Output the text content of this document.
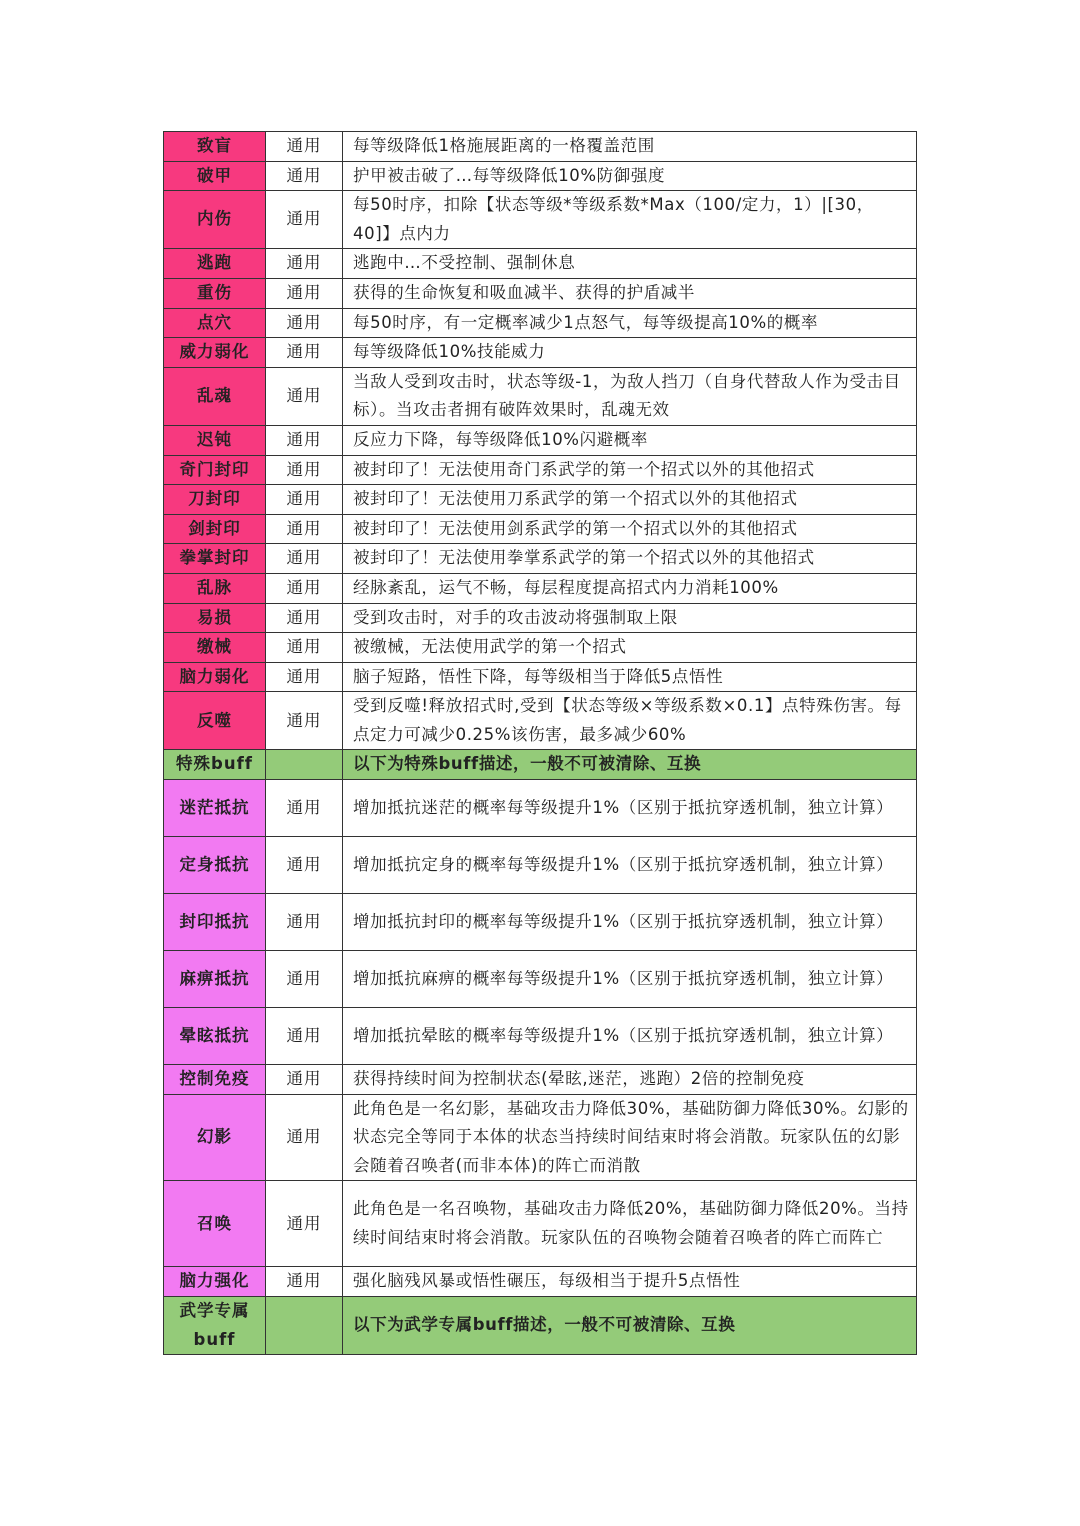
致盲	通用	每等级降低1格施展距离的一格覆盖范围
破甲	通用	护甲被击破了…每等级降低10%防御强度
内伤	通用	每50时序，扣除【状态等级*等级系数*Max（100/定力，1）|[30，40]】点内力
逃跑	通用	逃跑中…不受控制、强制休息
重伤	通用	获得的生命恢复和吸血减半、获得的护盾减半
点穴	通用	每50时序，有一定概率减少1点怒气，每等级提高10%的概率
威力弱化	通用	每等级降低10%技能威力
乱魂	通用	当敌人受到攻击时，状态等级-1，为敌人挡刀（自身代替敌人作为受击目标）。当攻击者拥有破阵效果时，乱魂无效
迟钝	通用	反应力下降，每等级降低10%闪避概率
奇门封印	通用	被封印了！无法使用奇门系武学的第一个招式以外的其他招式
刀封印	通用	被封印了！无法使用刀系武学的第一个招式以外的其他招式
剑封印	通用	被封印了！无法使用剑系武学的第一个招式以外的其他招式
拳掌封印	通用	被封印了！无法使用拳掌系武学的第一个招式以外的其他招式
乱脉	通用	经脉紊乱，运气不畅，每层程度提高招式内力消耗100%
易损	通用	受到攻击时，对手的攻击波动将强制取上限
缴械	通用	被缴械，无法使用武学的第一个招式
脑力弱化	通用	脑子短路，悟性下降，每等级相当于降低5点悟性
反噬	通用	受到反噬!释放招式时,受到【状态等级×等级系数×0.1】点特殊伤害。每点定力可减少0.25%该伤害，最多减少60%
特殊buff		以下为特殊buff描述，一般不可被清除、互换
迷茫抵抗	通用	增加抵抗迷茫的概率每等级提升1%（区别于抵抗穿透机制，独立计算）
定身抵抗	通用	增加抵抗定身的概率每等级提升1%（区别于抵抗穿透机制，独立计算）
封印抵抗	通用	增加抵抗封印的概率每等级提升1%（区别于抵抗穿透机制，独立计算）
麻痹抵抗	通用	增加抵抗麻痹的概率每等级提升1%（区别于抵抗穿透机制，独立计算）
晕眩抵抗	通用	增加抵抗晕眩的概率每等级提升1%（区别于抵抗穿透机制，独立计算）
控制免疫	通用	获得持续时间为控制状态(晕眩,迷茫，逃跑）2倍的控制免疫
幻影	通用	此角色是一名幻影，基础攻击力降低30%，基础防御力降低30%。幻影的状态完全等同于本体的状态当持续时间结束时将会消散。玩家队伍的幻影会随着召唤者(而非本体)的阵亡而消散
召唤	通用	此角色是一名召唤物，基础攻击力降低20%，基础防御力降低20%。当持续时间结束时将会消散。玩家队伍的召唤物会随着召唤者的阵亡而阵亡
脑力强化	通用	强化脑残风暴或悟性碾压，每级相当于提升5点悟性
武学专属buff		以下为武学专属buff描述，一般不可被清除、互换
